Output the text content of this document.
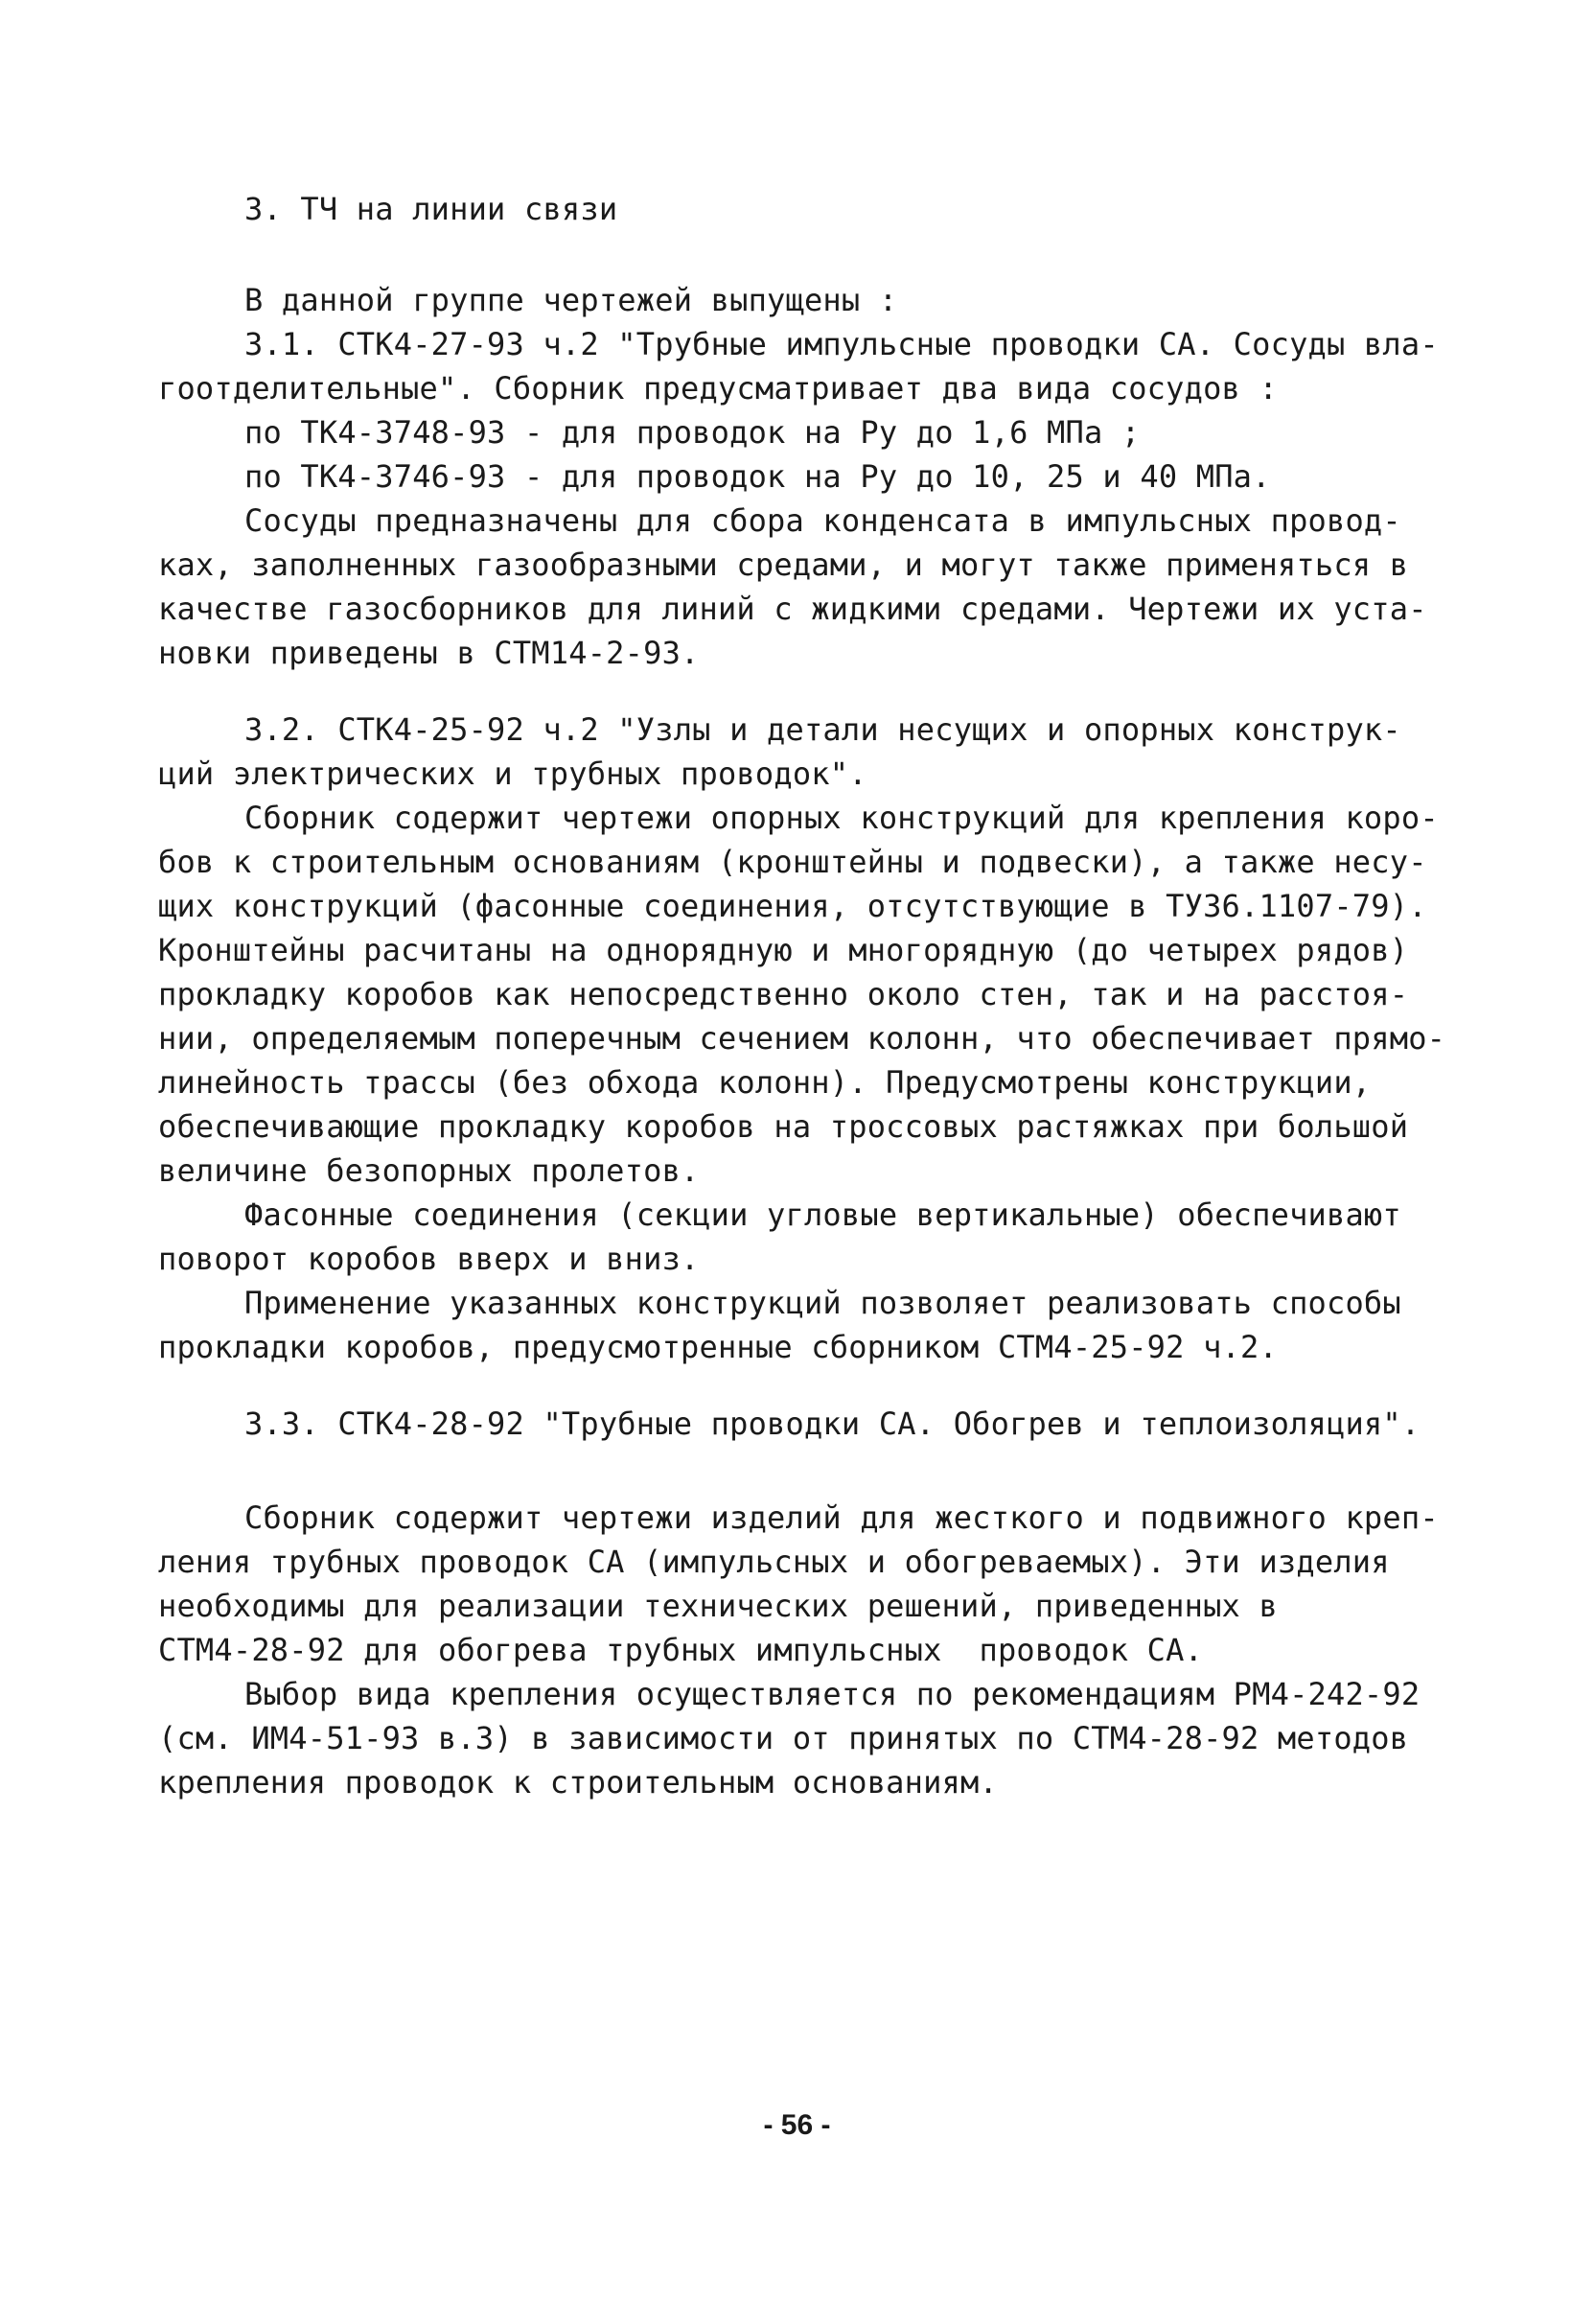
3. ТЧ на линии связи
В данной группе чертежей выпущены :
3.1. СТК4-27-93 ч.2 "Трубные импульсные проводки СА. Сосуды вла-
гоотделительные". Сборник предусматривает два вида сосудов :
по ТК4-3748-93 - для проводок на Ру до 1,6 МПа ;
по ТК4-3746-93 - для проводок на Ру до 10, 25 и 40 МПа.
Сосуды предназначены для сбора конденсата в импульсных провод-
ках, заполненных газообразными средами, и могут также применяться в
качестве газосборников для линий с жидкими средами. Чертежи их уста-
новки приведены в СТМ14-2-93.
3.2. СТК4-25-92 ч.2 "Узлы и детали несущих и опорных конструк-
ций электрических и трубных проводок".
Сборник содержит чертежи опорных конструкций для крепления коро-
бов к строительным основаниям (кронштейны и подвески), а также несу-
щих конструкций (фасонные соединения, отсутствующие в ТУ36.1107-79).
Кронштейны расчитаны на однорядную и многорядную (до четырех рядов)
прокладку коробов как непосредственно около стен, так и на расстоя-
нии, определяемым поперечным сечением колонн, что обеспечивает прямо-
линейность трассы (без обхода колонн). Предусмотрены конструкции,
обеспечивающие прокладку коробов на троссовых растяжках при большой
величине безопорных пролетов.
Фасонные соединения (секции угловые вертикальные) обеспечивают
поворот коробов вверх и вниз.
Применение указанных конструкций позволяет реализовать способы
прокладки коробов, предусмотренные сборником СТМ4-25-92 ч.2.
3.3. СТК4-28-92 "Трубные проводки СА. Обогрев и теплоизоляция".
Сборник содержит чертежи изделий для жесткого и подвижного креп-
ления трубных проводок СА (импульсных и обогреваемых). Эти изделия
необходимы для реализации технических решений, приведенных в
СТМ4-28-92 для обогрева трубных импульсных  проводок СА.
Выбор вида крепления осуществляется по рекомендациям РМ4-242-92
(см. ИМ4-51-93 в.3) в зависимости от принятых по СТМ4-28-92 методов
крепления проводок к строительным основаниям.
- 56 -
